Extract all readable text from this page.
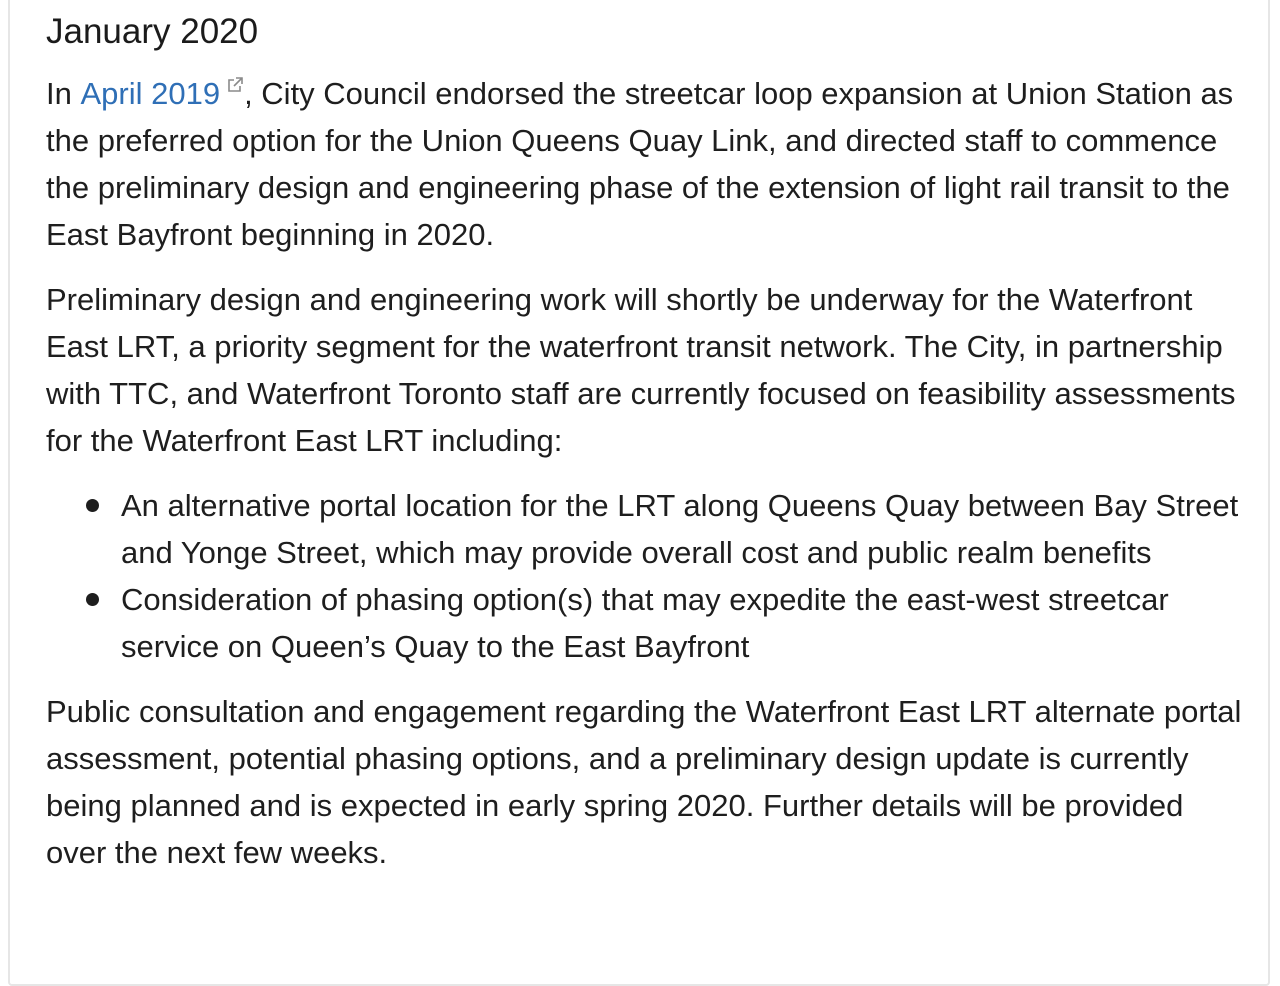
January 2020

In April 2019 , City Council endorsed the streetcar loop expansion at Union Station as the preferred option for the Union Queens Quay Link, and directed staff to commence the preliminary design and engineering phase of the extension of light rail transit to the East Bayfront beginning in 2020.

Preliminary design and engineering work will shortly be underway for the Waterfront East LRT, a priority segment for the waterfront transit network. The City, in partnership with TTC, and Waterfront Toronto staff are currently focused on feasibility assessments for the Waterfront East LRT including:

An alternative portal location for the LRT along Queens Quay between Bay Street and Yonge Street, which may provide overall cost and public realm benefits
Consideration of phasing option(s) that may expedite the east-west streetcar service on Queen’s Quay to the East Bayfront

Public consultation and engagement regarding the Waterfront East LRT alternate portal assessment, potential phasing options, and a preliminary design update is currently being planned and is expected in early spring 2020. Further details will be provided over the next few weeks.
